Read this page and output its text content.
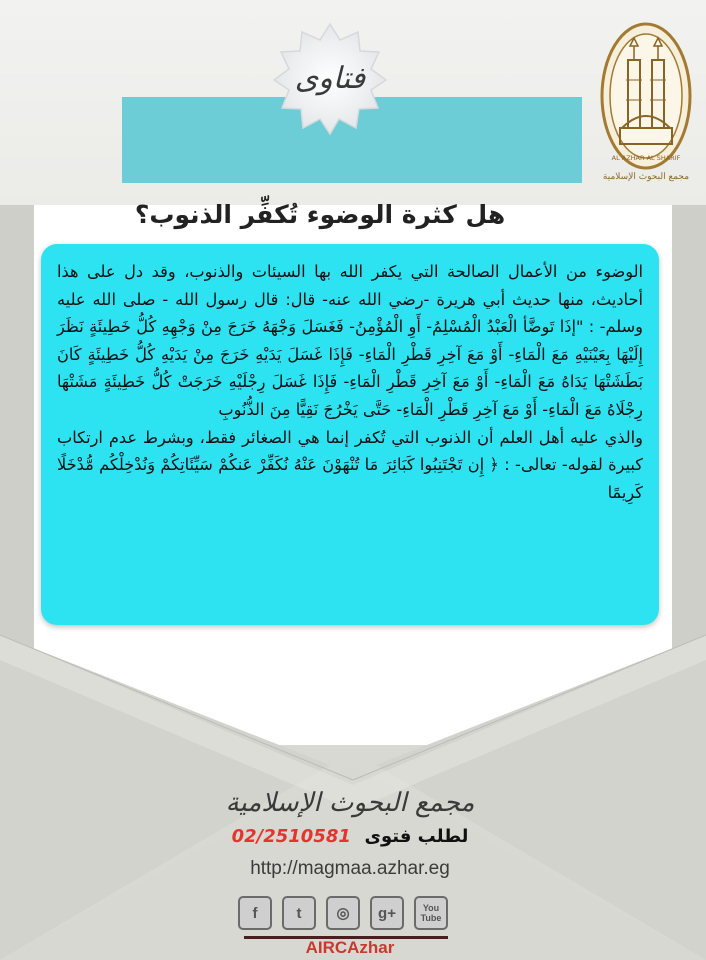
فتاوى
AL AZHAR AL SHARIF
مجمع البحوث الإسلامية
هل كثرة الوضوء تُكفِّر الذنوب؟

الوضوء من الأعمال الصالحة التي يكفر الله بها السيئات والذنوب، وقد دل على هذا أحاديث، منها حديث أبي هريرة -رضي الله عنه- قال: قال رسول الله - صلى الله عليه وسلم- : "إذَا تَوضَّأ الْعَبْدُ الْمُسْلِمُ- أَوِ الْمُؤْمِنُ- فَغَسَلَ وَجْهَهُ خَرَجَ مِنْ وَجْهِهِ كُلُّ خَطِيئَةٍ نَظَرَ إِلَيْهَا بِعَيْنَيْهِ مَعَ الْمَاءِ- أَوْ مَعَ آخِرِ قَطْرِ الْمَاءِ- فَإِذَا غَسَلَ يَدَيْهِ خَرَجَ مِنْ يَدَيْهِ كُلُّ خَطِيئَةٍ كَانَ بَطَشَتْهَا يَدَاهُ مَعَ الْمَاءِ- أَوْ مَعَ آخِرِ قَطْرِ الْمَاءِ- فَإِذَا غَسَلَ رِجْلَيْهِ خَرَجَتْ كُلُّ خَطِيئَةٍ مَشَتْهَا رِجْلَاهُ مَعَ الْمَاءِ- أَوْ مَعَ آخِرِ قَطْرِ الْمَاءِ- حَتَّى يَخْرُجَ نَقِيًّا مِنَ الذُّنُوبِ

والذي عليه أهل العلم أن الذنوب التي تُكفر إنما هي الصغائر فقط، وبشرط عدم ارتكاب كبيرة لقوله- تعالى- : ﴿ إِن تَجْتَنِبُوا كَبَائِرَ مَا تُنْهَوْنَ عَنْهُ نُكَفِّرْ عَنكُمْ سَيِّئَاتِكُمْ وَنُدْخِلْكُم مُّدْخَلًا كَرِيمًا

مجمع البحوث الإسلامية
لطلب فتوى 02/2510581
http://magmaa.azhar.eg
f	t	◎	g+	You Tube
AIRCAzhar
